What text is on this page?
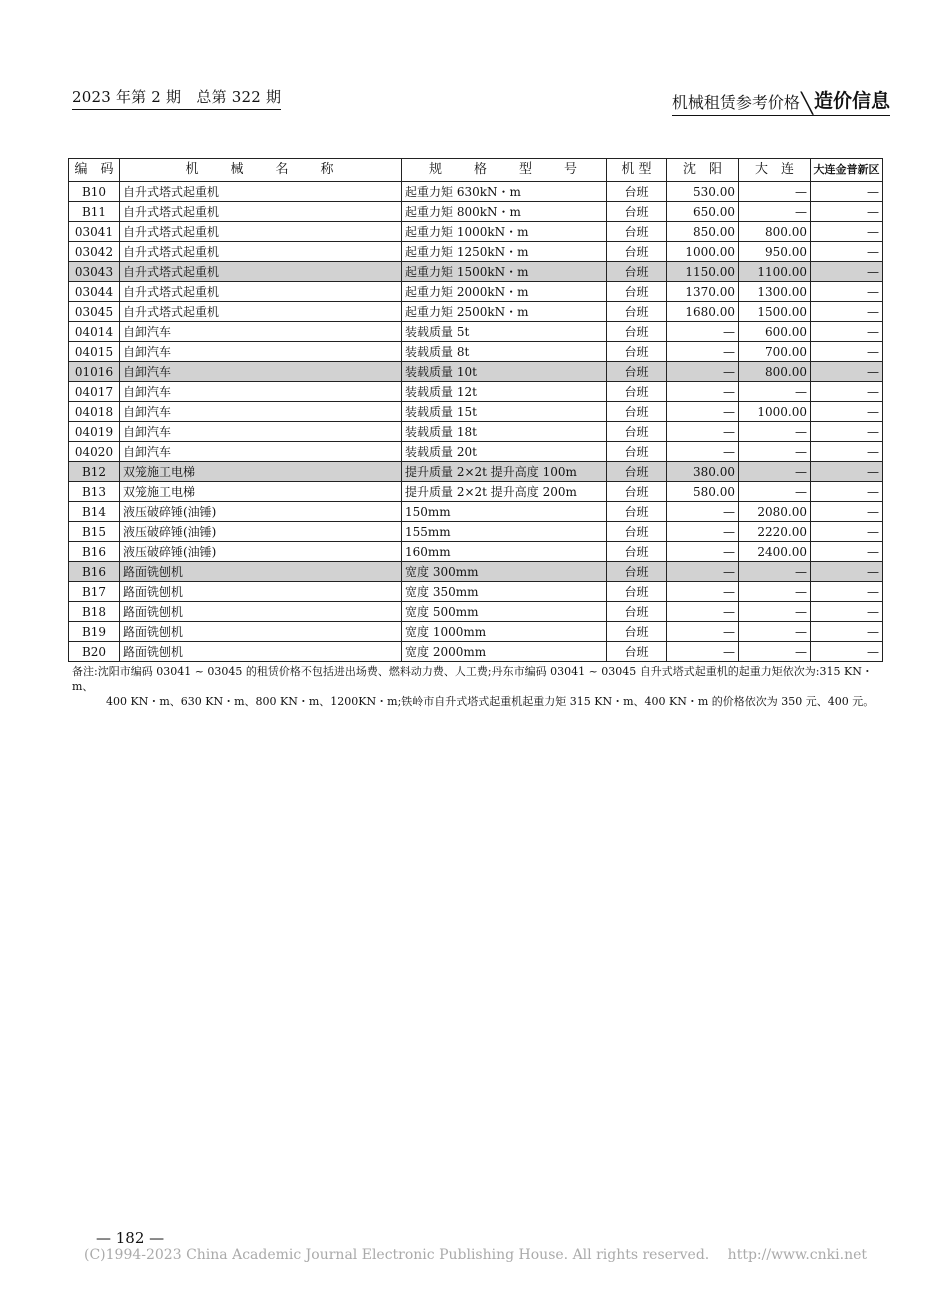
2023 年第 2 期　总第 322 期	机械租赁参考价格 ╲ 造价信息
编　码	机　　械　　名　　称	规　　格　　型　　号	机 型	沈　阳	大　连	大连金普新区
B10	自升式塔式起重机	起重力矩 630kN・m	台班	530.00	—	—
B11	自升式塔式起重机	起重力矩 800kN・m	台班	650.00	—	—
03041	自升式塔式起重机	起重力矩 1000kN・m	台班	850.00	800.00	—
03042	自升式塔式起重机	起重力矩 1250kN・m	台班	1000.00	950.00	—
03043	自升式塔式起重机	起重力矩 1500kN・m	台班	1150.00	1100.00	—
03044	自升式塔式起重机	起重力矩 2000kN・m	台班	1370.00	1300.00	—
03045	自升式塔式起重机	起重力矩 2500kN・m	台班	1680.00	1500.00	—
04014	自卸汽车	装载质量 5t	台班	—	600.00	—
04015	自卸汽车	装载质量 8t	台班	—	700.00	—
01016	自卸汽车	装载质量 10t	台班	—	800.00	—
04017	自卸汽车	装载质量 12t	台班	—	—	—
04018	自卸汽车	装载质量 15t	台班	—	1000.00	—
04019	自卸汽车	装载质量 18t	台班	—	—	—
04020	自卸汽车	装载质量 20t	台班	—	—	—
B12	双笼施工电梯	提升质量 2×2t 提升高度 100m	台班	380.00	—	—
B13	双笼施工电梯	提升质量 2×2t 提升高度 200m	台班	580.00	—	—
B14	液压破碎锤(油锤)	150mm	台班	—	2080.00	—
B15	液压破碎锤(油锤)	155mm	台班	—	2220.00	—
B16	液压破碎锤(油锤)	160mm	台班	—	2400.00	—
B16	路面铣刨机	宽度 300mm	台班	—	—	—
B17	路面铣刨机	宽度 350mm	台班	—	—	—
B18	路面铣刨机	宽度 500mm	台班	—	—	—
B19	路面铣刨机	宽度 1000mm	台班	—	—	—
B20	路面铣刨机	宽度 2000mm	台班	—	—	—
备注:沈阳市编码 03041 ~ 03045 的租赁价格不包括进出场费、燃料动力费、人工费;丹东市编码 03041 ~ 03045 自升式塔式起重机的起重力矩依次为:315 KN・m、
400 KN・m、630 KN・m、800 KN・m、1200KN・m;铁岭市自升式塔式起重机起重力矩 315 KN・m、400 KN・m 的价格依次为 350 元、400 元。
— 182 —
(C)1994-2023 China Academic Journal Electronic Publishing House. All rights reserved.　 http://www.cnki.net
